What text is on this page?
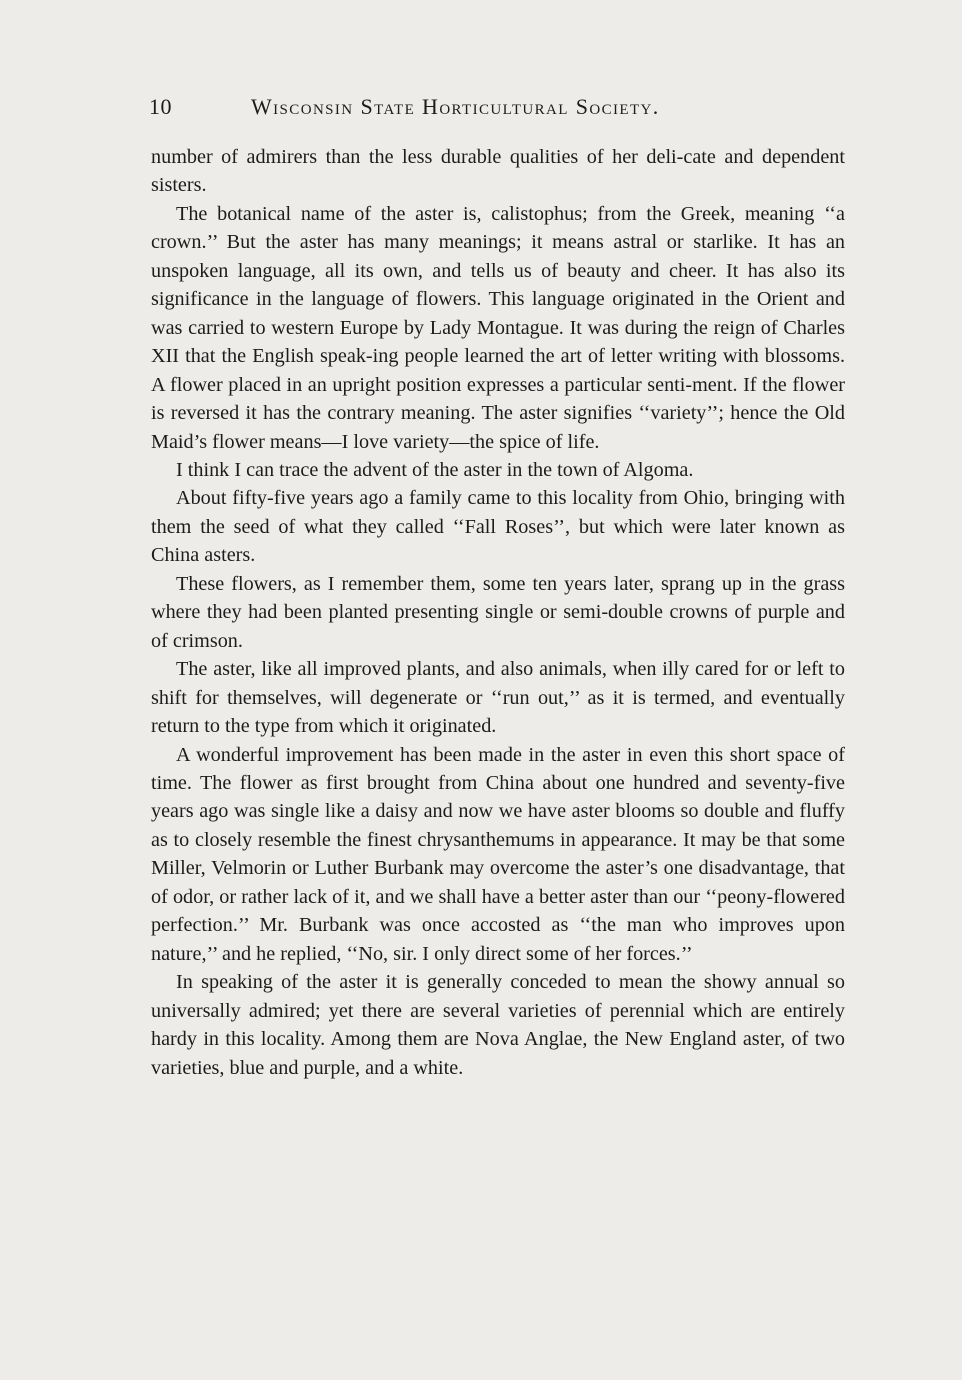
10	Wisconsin State Horticultural Society.

number of admirers than the less durable qualities of her deli-cate and dependent sisters.

The botanical name of the aster is, calistophus; from the Greek, meaning ‘‘a crown.’’ But the aster has many meanings; it means astral or starlike. It has an unspoken language, all its own, and tells us of beauty and cheer. It has also its significance in the language of flowers. This language originated in the Orient and was carried to western Europe by Lady Montague. It was during the reign of Charles XII that the English speak-ing people learned the art of letter writing with blossoms. A flower placed in an upright position expresses a particular senti-ment. If the flower is reversed it has the contrary meaning. The aster signifies ‘‘variety’’; hence the Old Maid’s flower means—I love variety—the spice of life.

I think I can trace the advent of the aster in the town of Algoma.

About fifty-five years ago a family came to this locality from Ohio, bringing with them the seed of what they called ‘‘Fall Roses’’, but which were later known as China asters.

These flowers, as I remember them, some ten years later, sprang up in the grass where they had been planted presenting single or semi-double crowns of purple and of crimson.

The aster, like all improved plants, and also animals, when illy cared for or left to shift for themselves, will degenerate or ‘‘run out,’’ as it is termed, and eventually return to the type from which it originated.

A wonderful improvement has been made in the aster in even this short space of time. The flower as first brought from China about one hundred and seventy-five years ago was single like a daisy and now we have aster blooms so double and fluffy as to closely resemble the finest chrysanthemums in appearance. It may be that some Miller, Velmorin or Luther Burbank may overcome the aster’s one disadvantage, that of odor, or rather lack of it, and we shall have a better aster than our ‘‘peony-flowered perfection.’’ Mr. Burbank was once accosted as ‘‘the man who improves upon nature,’’ and he replied, ‘‘No, sir. I only direct some of her forces.’’

In speaking of the aster it is generally conceded to mean the showy annual so universally admired; yet there are several varieties of perennial which are entirely hardy in this locality. Among them are Nova Anglae, the New England aster, of two varieties, blue and purple, and a white.
